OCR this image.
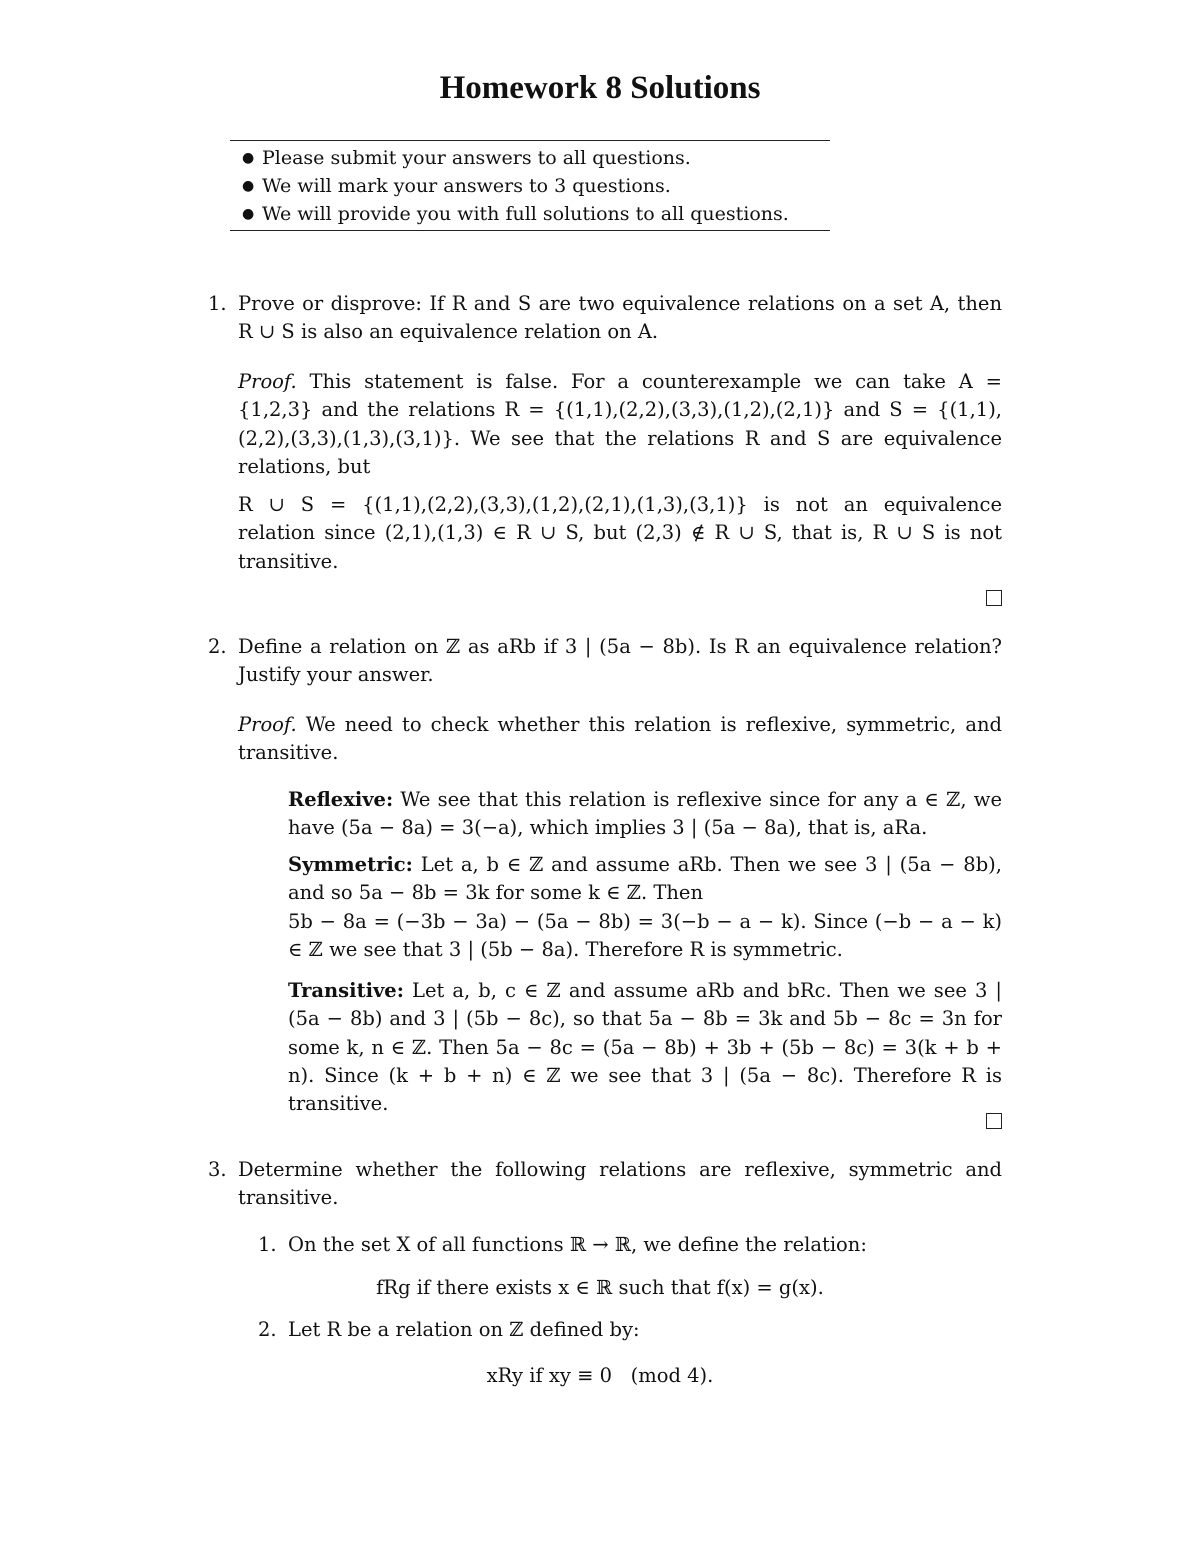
Homework 8 Solutions
● Please submit your answers to all questions.
● We will mark your answers to 3 questions.
● We will provide you with full solutions to all questions.
1. Prove or disprove: If R and S are two equivalence relations on a set A, then R ∪ S is also an equivalence relation on A.

Proof. This statement is false. For a counterexample we can take A = {1,2,3} and the relations R = {(1,1),(2,2),(3,3),(1,2),(2,1)} and S = {(1,1),(2,2),(3,3),(1,3),(3,1)}. We see that the relations R and S are equivalence relations, but

R ∪ S = {(1,1),(2,2),(3,3),(1,2),(2,1),(1,3),(3,1)} is not an equivalence relation since (2,1),(1,3) ∈ R ∪ S, but (2,3) ∉ R ∪ S, that is, R ∪ S is not transitive.

2. Define a relation on ℤ as aRb if 3 | (5a − 8b). Is R an equivalence relation? Justify your answer.

Proof. We need to check whether this relation is reflexive, symmetric, and transitive.

Reflexive: We see that this relation is reflexive since for any a ∈ ℤ, we have (5a − 8a) = 3(−a), which implies 3 | (5a − 8a), that is, aRa.

Symmetric: Let a, b ∈ ℤ and assume aRb. Then we see 3 | (5a − 8b), and so 5a − 8b = 3k for some k ∈ ℤ. Then

5b − 8a = (−3b − 3a) − (5a − 8b) = 3(−b − a − k). Since (−b − a − k) ∈ ℤ we see that 3 | (5b − 8a). Therefore R is symmetric.

Transitive: Let a, b, c ∈ ℤ and assume aRb and bRc. Then we see 3 | (5a − 8b) and 3 | (5b − 8c), so that 5a − 8b = 3k and 5b − 8c = 3n for some k, n ∈ ℤ. Then 5a − 8c = (5a − 8b) + 3b + (5b − 8c) = 3(k + b + n). Since (k + b + n) ∈ ℤ we see that 3 | (5a − 8c). Therefore R is transitive.

3. Determine whether the following relations are reflexive, symmetric and transitive.

1. On the set X of all functions ℝ → ℝ, we define the relation:

fRg if there exists x ∈ ℝ such that f(x) = g(x).
2. Let R be a relation on ℤ defined by:

xRy if xy ≡ 0   (mod 4).
